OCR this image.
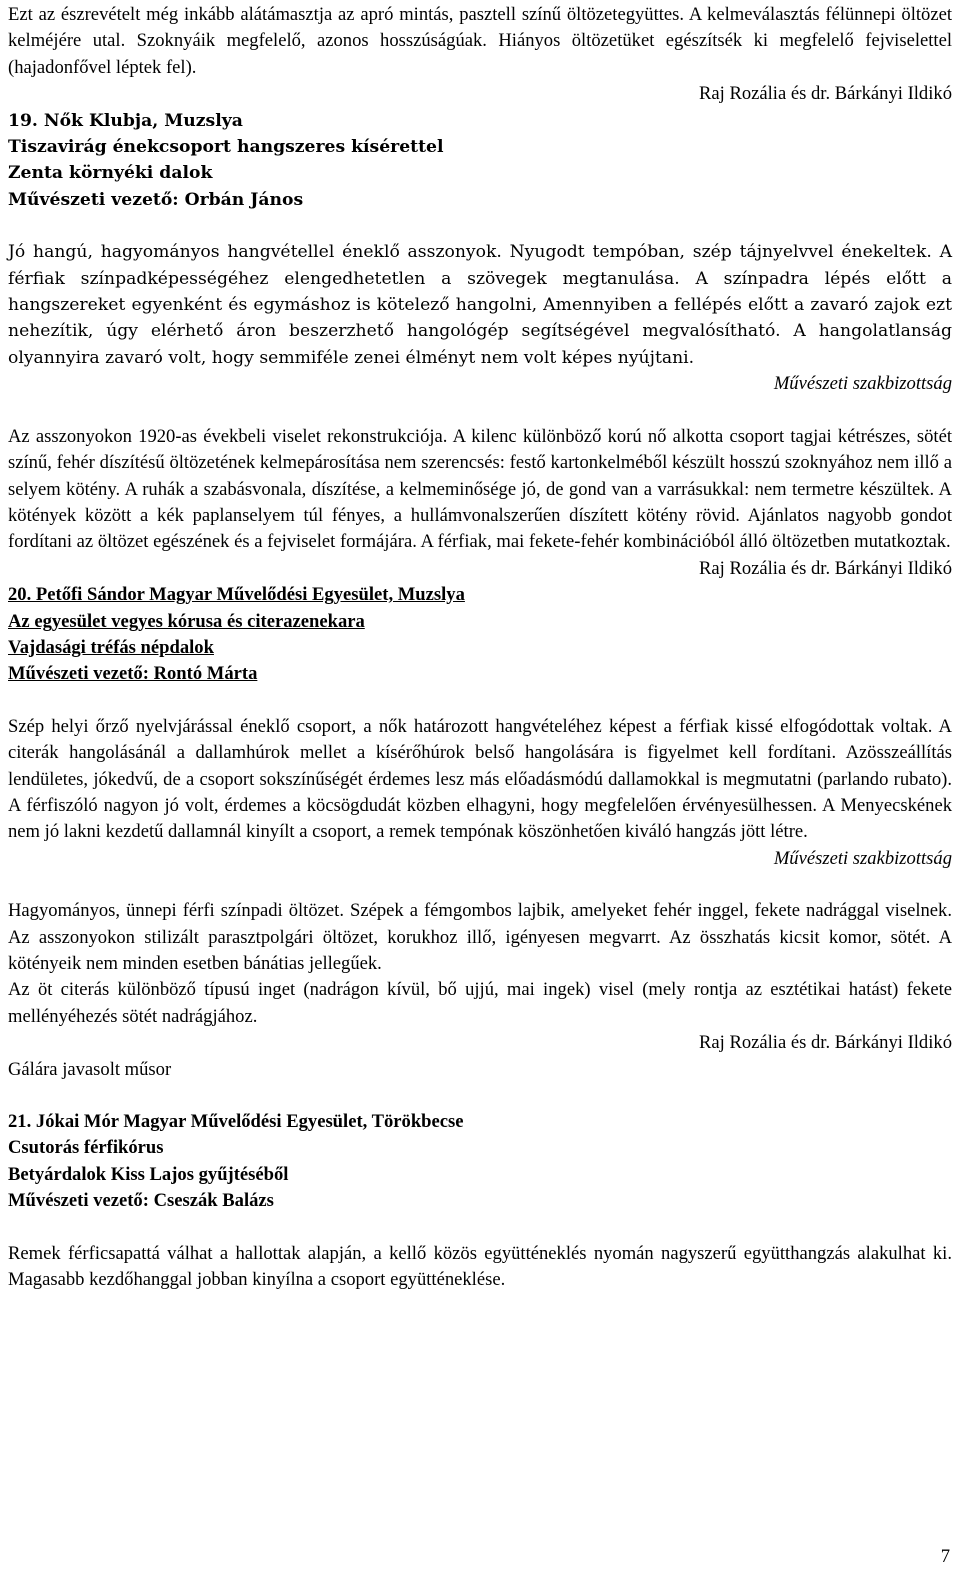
Ezt az észrevételt még inkább alátámasztja az apró mintás, pasztell színű öltözetegyüttes. A kelmeválasztás félünnepi öltözet kelméjére utal. Szoknyáik megfelelő, azonos hosszúságúak. Hiányos öltözetüket egészítsék ki megfelelő fejviselettel (hajadonfővel léptek fel).

Raj Rozália és dr. Bárkányi Ildikó

19. Nők Klubja, Muzslya

Tiszavirág énekcsoport hangszeres kísérettel

Zenta környéki dalok

Művészeti vezető: Orbán János

Jó hangú, hagyományos hangvétellel éneklő asszonyok. Nyugodt tempóban, szép tájnyelvvel énekeltek. A férfiak színpadképességéhez elengedhetetlen a szövegek megtanulása. A színpadra lépés előtt a hangszereket egyenként és egymáshoz is kötelező hangolni, Amennyiben a fellépés előtt a zavaró zajok ezt nehezítik, úgy elérhető áron beszerzhető hangológép segítségével megvalósítható. A hangolatlanság olyannyira zavaró volt, hogy semmiféle zenei élményt nem volt képes nyújtani.

Művészeti szakbizottság

Az asszonyokon 1920-as évekbeli viselet rekonstrukciója. A kilenc különböző korú nő alkotta csoport tagjai kétrészes, sötét színű, fehér díszítésű öltözetének kelmepárosítása nem szerencsés: festő kartonkelméből készült hosszú szoknyához nem illő a selyem kötény. A ruhák a szabásvonala, díszítése, a kelmeminősége jó, de gond van a varrásukkal: nem termetre készültek. A kötények között a kék paplanselyem túl fényes, a hullámvonalszerűen díszített kötény rövid. Ajánlatos nagyobb gondot fordítani az öltözet egészének és a fejviselet formájára. A férfiak, mai fekete-fehér kombinációból álló öltözetben mutatkoztak.

Raj Rozália és dr. Bárkányi Ildikó

20. Petőfi Sándor Magyar Művelődési Egyesület, Muzslya

Az egyesület vegyes kórusa és citerazenekara

Vajdasági tréfás népdalok

Művészeti vezető: Rontó Márta

Szép helyi őrző nyelvjárással éneklő csoport, a nők határozott hangvételéhez képest a férfiak kissé elfogódottak voltak. A citerák hangolásánál a dallamhúrok mellet a kísérőhúrok belső hangolására is figyelmet kell fordítani. Azösszeállítás lendületes, jókedvű, de a csoport sokszínűségét érdemes lesz más előadásmódú dallamokkal is megmutatni (parlando rubato). A férfiszóló nagyon jó volt, érdemes a köcsögdudát közben elhagyni, hogy megfelelően érvényesülhessen. A Menyecskének nem jó lakni kezdetű dallamnál kinyílt a csoport, a remek tempónak köszönhetően kiváló hangzás jött létre.

Művészeti szakbizottság

Hagyományos, ünnepi férfi színpadi öltözet. Szépek a fémgombos lajbik, amelyeket fehér inggel, fekete nadrággal viselnek. Az asszonyokon stilizált parasztpolgári öltözet, korukhoz illő, igényesen megvarrt. Az összhatás kicsit komor, sötét. A kötényeik nem minden esetben bánátias jellegűek.

Az öt citerás különböző típusú inget (nadrágon kívül, bő ujjú, mai ingek) visel (mely rontja az esztétikai hatást) fekete mellényéhezés sötét nadrágjához.

Raj Rozália és dr. Bárkányi Ildikó

Gálára javasolt műsor

21. Jókai Mór Magyar Művelődési Egyesület, Törökbecse

Csutorás férfikórus

Betyárdalok Kiss Lajos gyűjtéséből

Művészeti vezető: Cseszák Balázs

Remek férficsapattá válhat a hallottak alapján, a kellő közös együtténeklés nyomán nagyszerű együtthangzás alakulhat ki. Magasabb kezdőhanggal jobban kinyílna a csoport együtténeklése.

7
